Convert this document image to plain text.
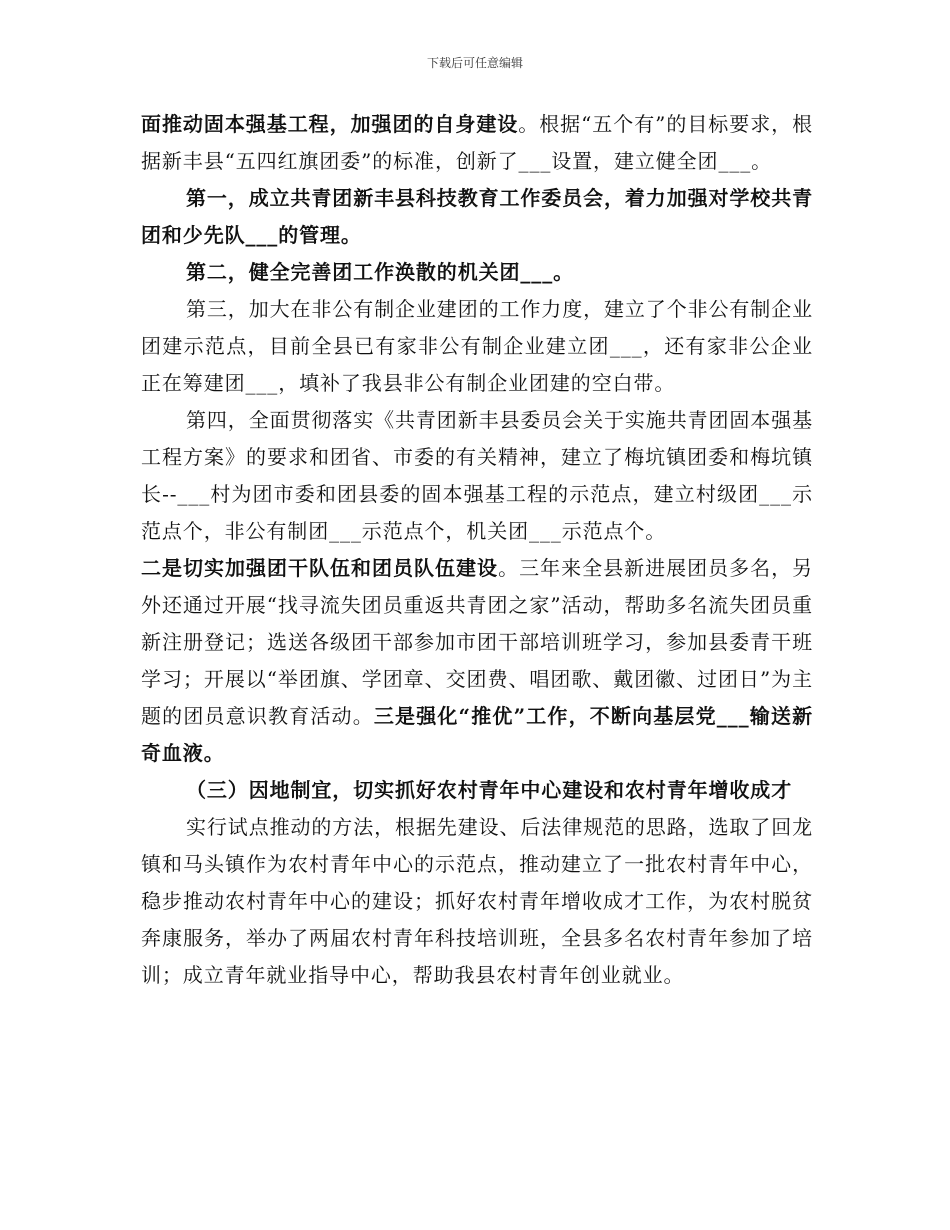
下载后可任意编辑

面推动固本强基工程，加强团的自身建设。根据“五个有”的目标要求，根据新丰县“五四红旗团委”的标准，创新了___设置，建立健全团___。

第一，成立共青团新丰县科技教育工作委员会，着力加强对学校共青团和少先队___的管理。

第二，健全完善团工作涣散的机关团___。

第三，加大在非公有制企业建团的工作力度，建立了个非公有制企业团建示范点，目前全县已有家非公有制企业建立团___，还有家非公企业正在筹建团___，填补了我县非公有制企业团建的空白带。

第四，全面贯彻落实《共青团新丰县委员会关于实施共青团固本强基工程方案》的要求和团省、市委的有关精神，建立了梅坑镇团委和梅坑镇长--___村为团市委和团县委的固本强基工程的示范点，建立村级团___示范点个，非公有制团___示范点个，机关团___示范点个。

二是切实加强团干队伍和团员队伍建设。三年来全县新进展团员多名，另外还通过开展“找寻流失团员重返共青团之家”活动，帮助多名流失团员重新注册登记；选送各级团干部参加市团干部培训班学习，参加县委青干班学习；开展以“举团旗、学团章、交团费、唱团歌、戴团徽、过团日”为主题的团员意识教育活动。三是强化“推优”工作，不断向基层党___输送新奇血液。

（三）因地制宜，切实抓好农村青年中心建设和农村青年增收成才

实行试点推动的方法，根据先建设、后法律规范的思路，选取了回龙镇和马头镇作为农村青年中心的示范点，推动建立了一批农村青年中心，稳步推动农村青年中心的建设；抓好农村青年增收成才工作，为农村脱贫奔康服务，举办了两届农村青年科技培训班，全县多名农村青年参加了培训；成立青年就业指导中心，帮助我县农村青年创业就业。
